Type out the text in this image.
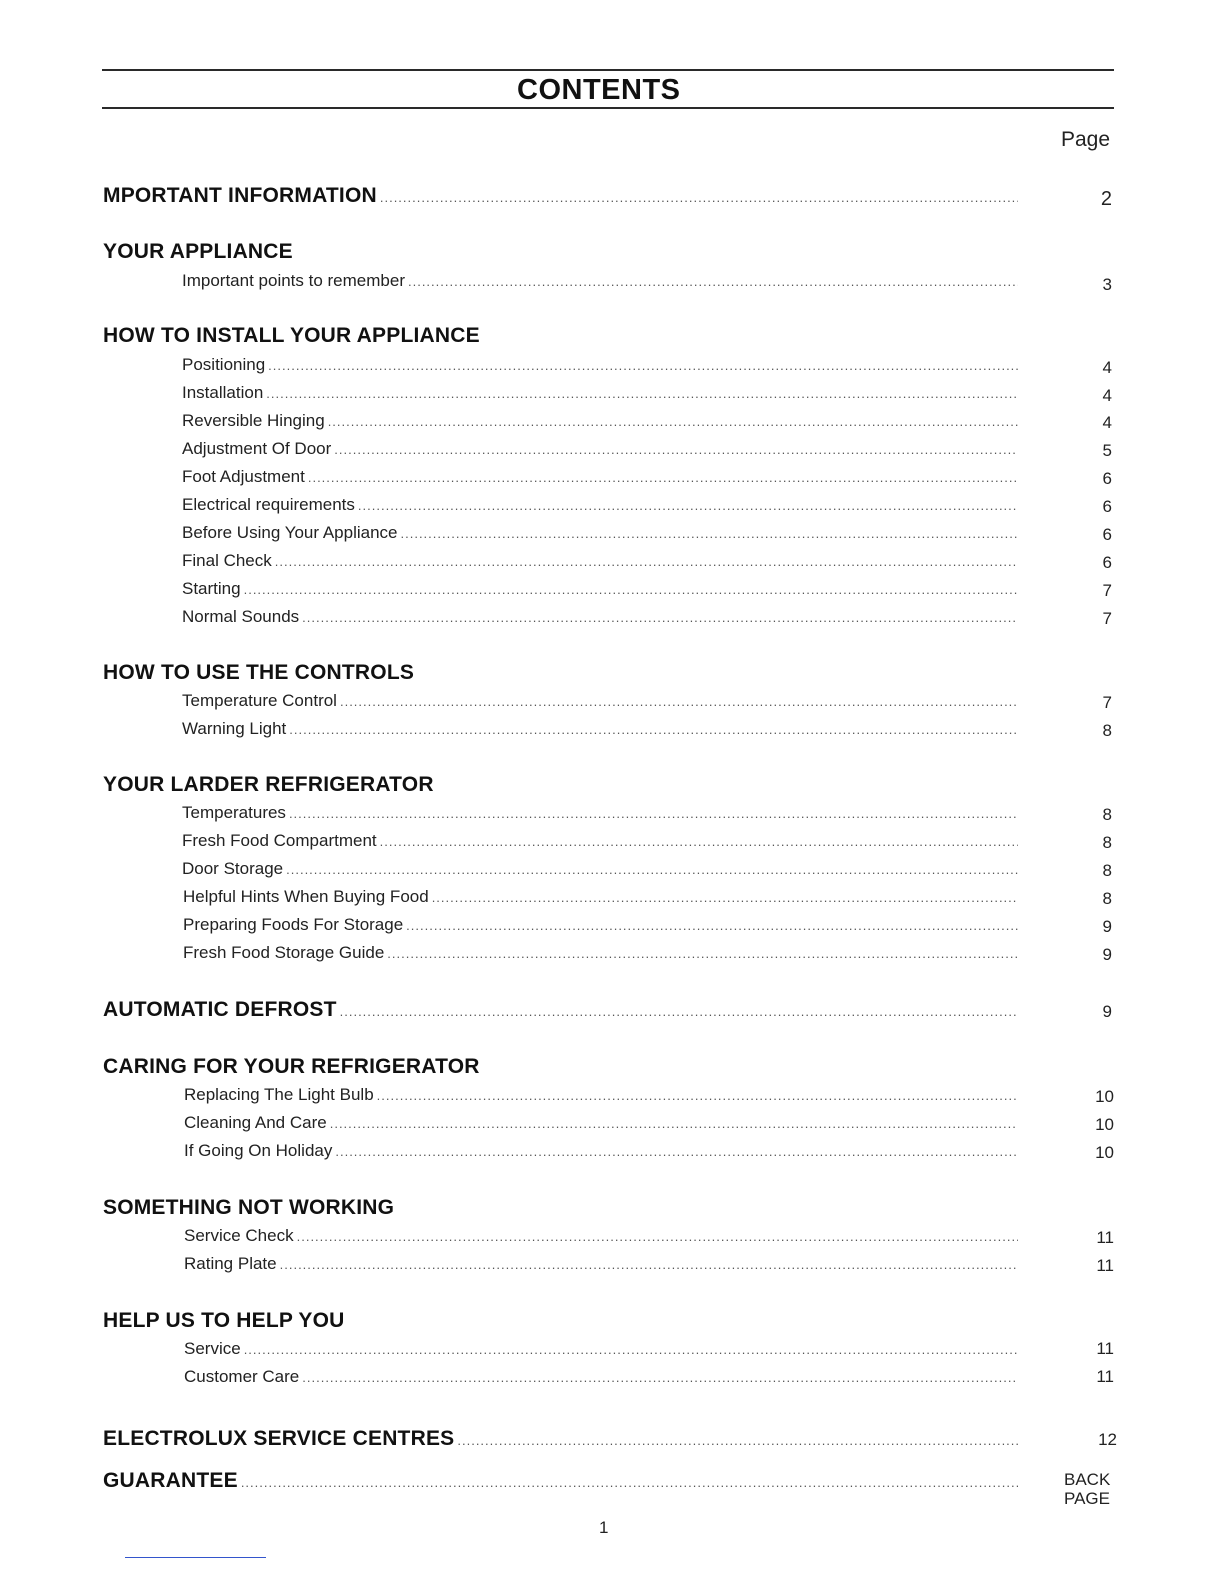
CONTENTS
Page
MPORTANT INFORMATION .....	2
YOUR APPLIANCE
Important points to remember .....	3
HOW TO INSTALL YOUR APPLIANCE
Positioning .....	4
Installation .....	4
Reversible Hinging .....	4
Adjustment Of Door .....	5
Foot Adjustment .....	6
Electrical requirements .....	6
Before Using Your Appliance .....	6
Final Check .....	6
Starting .....	7
Normal Sounds .....	7
HOW TO USE THE CONTROLS
Temperature Control .....	7
Warning Light .....	8
YOUR LARDER REFRIGERATOR
Temperatures .....	8
Fresh Food Compartment .....	8
Door Storage .....	8
Helpful Hints When Buying Food .....	8
Preparing Foods For Storage .....	9
Fresh Food Storage Guide .....	9
AUTOMATIC DEFROST .....	9
CARING FOR YOUR REFRIGERATOR
Replacing The Light Bulb .....	10
Cleaning And Care .....	10
If Going On Holiday .....	10
SOMETHING NOT WORKING
Service Check .....	11
Rating Plate .....	11
HELP US TO HELP YOU
Service .....	11
Customer Care .....	11
ELECTROLUX SERVICE CENTRES .....	12
GUARANTEE .....	BACK
PAGE
1
